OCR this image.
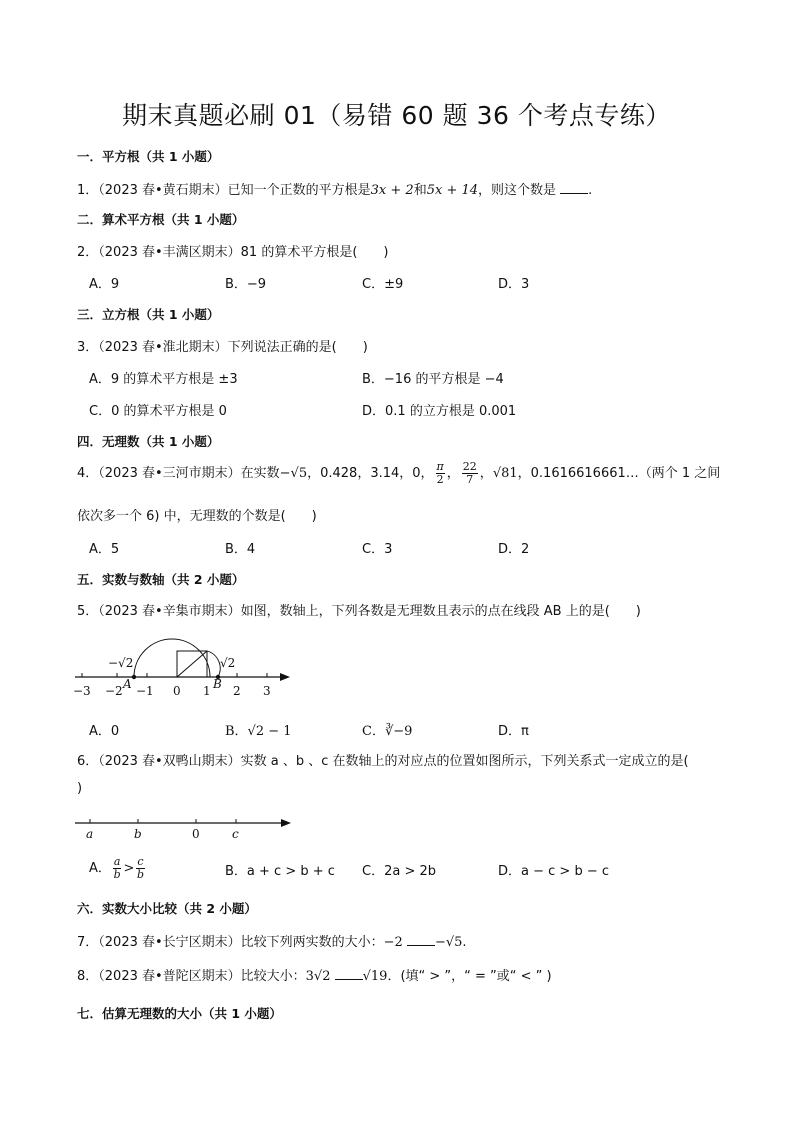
期末真题必刷 01（易错 60 题 36 个考点专练）
一．平方根（共 1 小题）
1．（2023 春•黄石期末）已知一个正数的平方根是3x + 2和5x + 14，则这个数是 .
二．算术平方根（共 1 小题）
2．（2023 春•丰满区期末）81 的算术平方根是(　　)
A．9	B．−9	C．±9	D．3
三．立方根（共 1 小题）
3．（2023 春•淮北期末）下列说法正确的是(　　)
A．9 的算术平方根是 ±3	B．−16 的平方根是 −4
C．0 的算术平方根是 0	D．0.1 的立方根是 0.001
四．无理数（共 1 小题）
4．（2023 春•三河市期末）在实数−√5，0.4̇2̇8̇，3.14，0， $\frac{\pi}{2}$ ， $\frac{22}{7}$ ，√81，0.1616616661…（两个 1 之间
依次多一个 6) 中，无理数的个数是(　　)
A．5	B．4	C．3	D．2
五．实数与数轴（共 2 小题）
5．（2023 春•辛集市期末）如图，数轴上，下列各数是无理数且表示的点在线段 AB 上的是(　　)
−√2	√2
A	B
−3 −2 −1 0 1 2 3
A．0	B．√2 − 1	C．∛−9	D．π
6．（2023 春•双鸭山期末）实数 a 、b 、c 在数轴上的对应点的位置如图所示，下列关系式一定成立的是(
)
a	b	0	c
A． $\frac{a}{b} > \frac{c}{b}$	B．a + c > b + c C．2a > 2b	D．a − c > b − c
六．实数大小比较（共 2 小题）
7．（2023 春•长宁区期末）比较下列两实数的大小：−2 −√5.
8．（2023 春•普陀区期末）比较大小：3√2 √19．(填“ > ”，“ = ”或“ < ” )
七．估算无理数的大小（共 1 小题）
